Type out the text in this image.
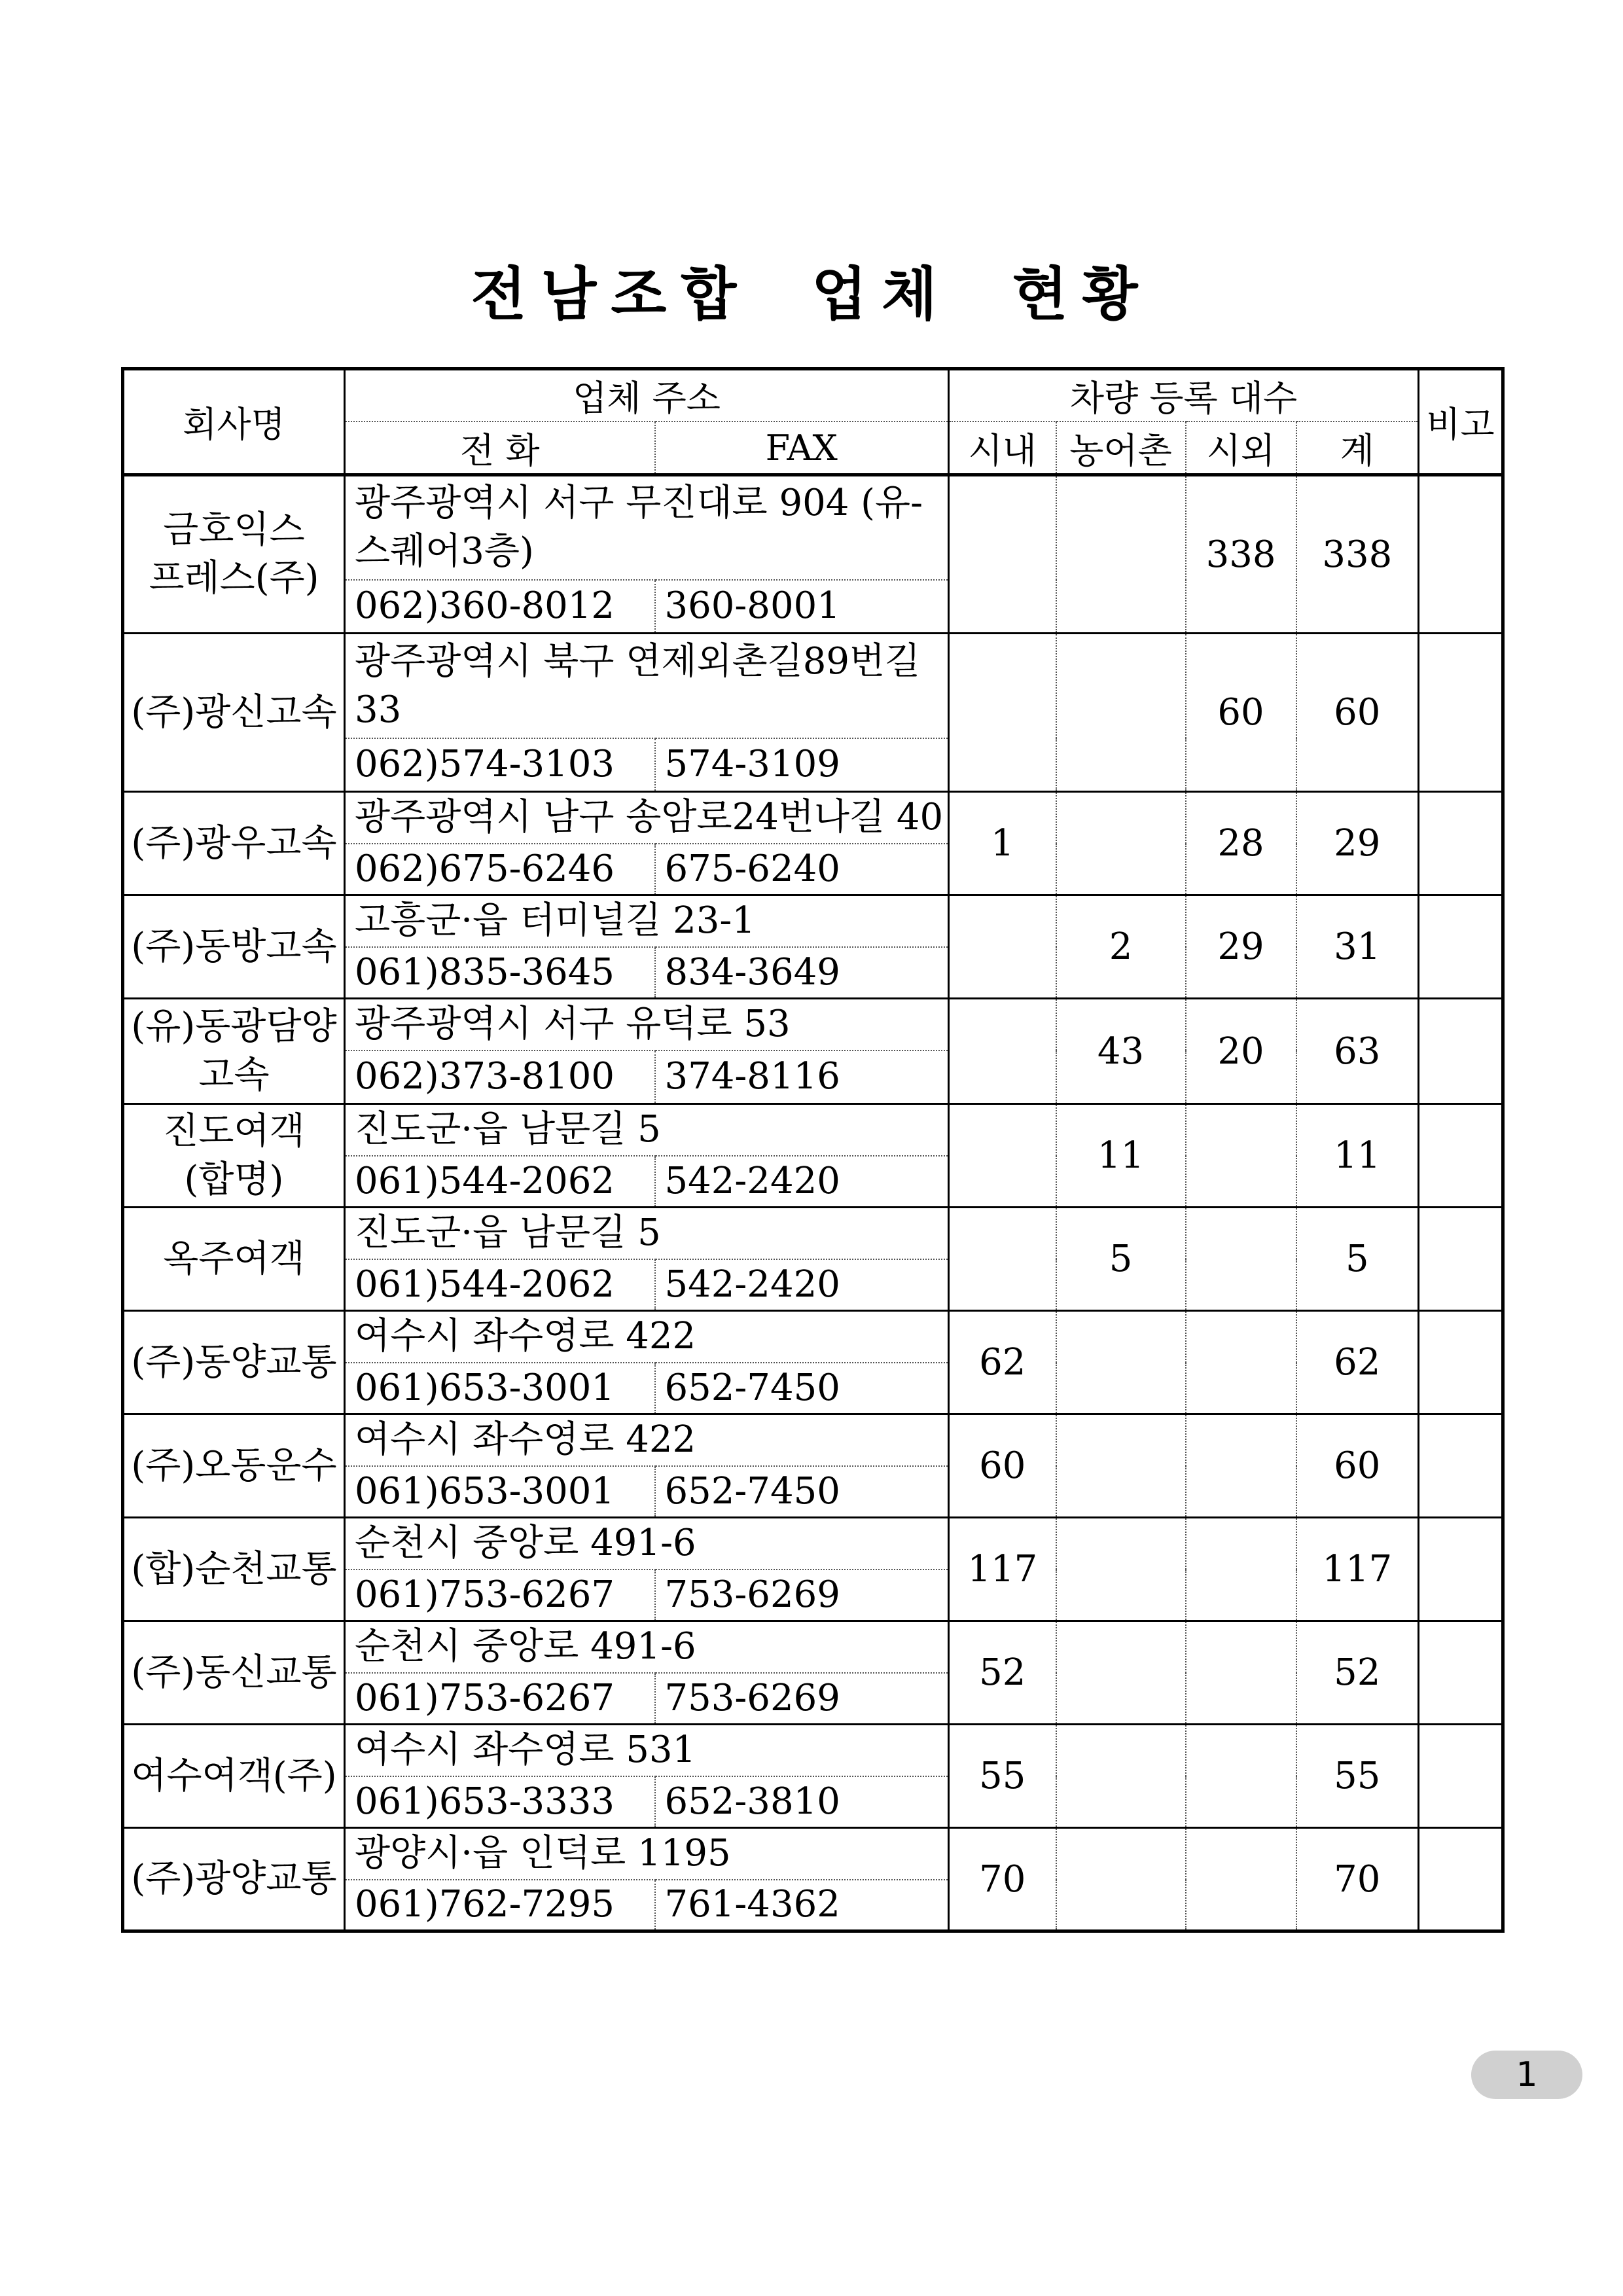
전남조합 업체 현황
회사명	업체 주소		차량 등록 대수				비고
	전 화	FAX	시내	농어촌	시외	계	
금호익스
프레스(주)	광주광역시 서구 무진대로 904 (유-스퀘어3층)				338	338	
	062)360-8012	360-8001					
(주)광신고속	광주광역시 북구 연제외촌길89번길 33				60	60	
	062)574-3103	574-3109					
(주)광우고속	광주광역시 남구 송암로24번나길 40		1		28	29	
	062)675-6246	675-6240					
(주)동방고속	고흥군·읍 터미널길 23-1			2	29	31	
	061)835-3645	834-3649					
(유)동광담양
고속	광주광역시 서구 유덕로 53			43	20	63	
	062)373-8100	374-8116					
진도여객
(합명)	진도군·읍 남문길 5			11		11	
	061)544-2062	542-2420					
옥주여객	진도군·읍 남문길 5			5		5	
	061)544-2062	542-2420					
(주)동양교통	여수시 좌수영로 422		62			62	
	061)653-3001	652-7450					
(주)오동운수	여수시 좌수영로 422		60			60	
	061)653-3001	652-7450					
(합)순천교통	순천시 중앙로 491-6		117			117	
	061)753-6267	753-6269					
(주)동신교통	순천시 중앙로 491-6		52			52	
	061)753-6267	753-6269					
여수여객(주)	여수시 좌수영로 531		55			55	
	061)653-3333	652-3810					
(주)광양교통	광양시·읍 인덕로 1195		70			70	
	061)762-7295	761-4362					
1
